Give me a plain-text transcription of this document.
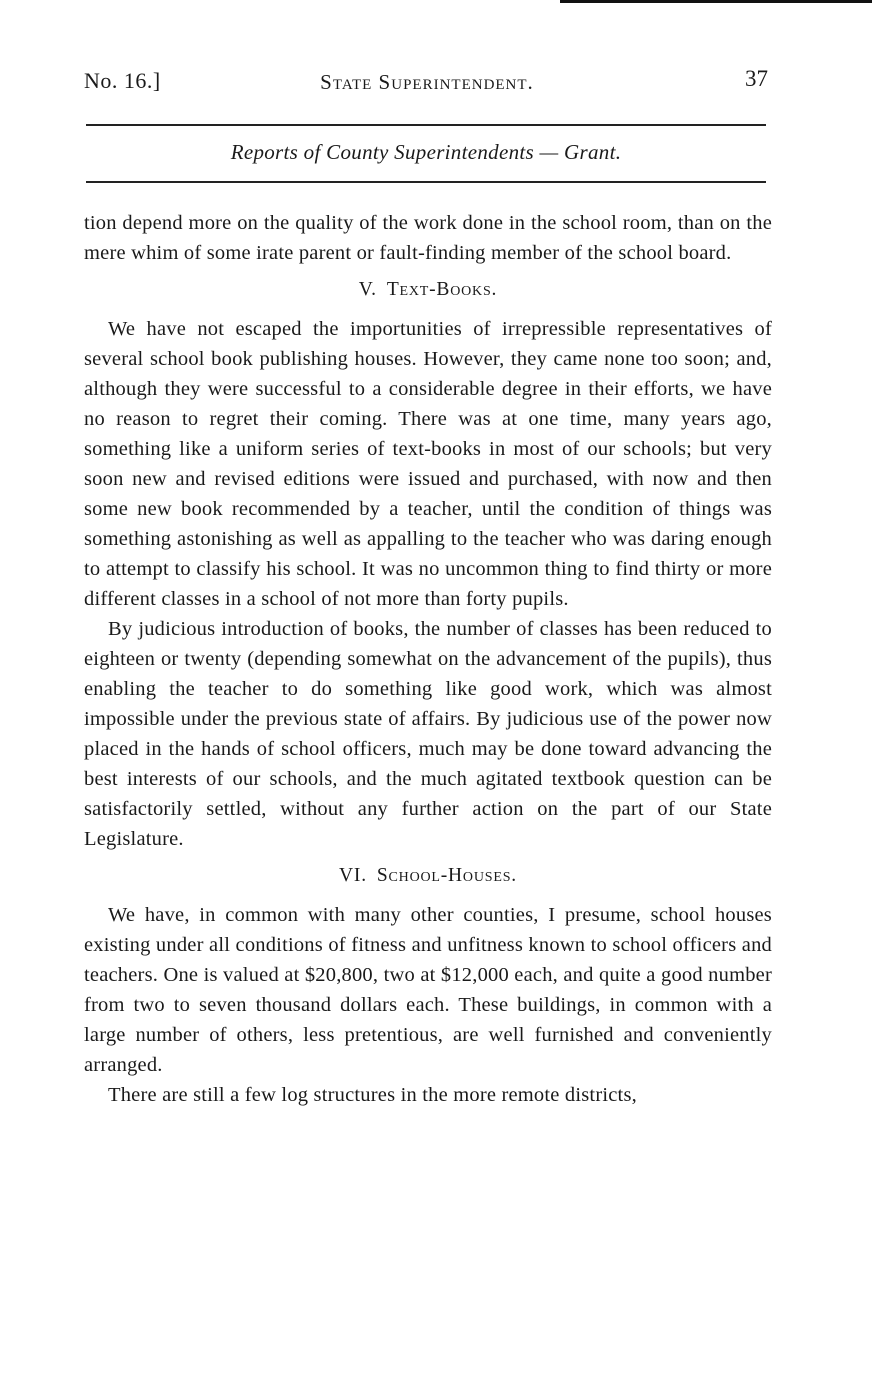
No. 16.]	State Superintendent.	37
Reports of County Superintendents — Grant.

tion depend more on the quality of the work done in the school room, than on the mere whim of some irate parent or fault-finding member of the school board.

V. Text-Books.

We have not escaped the importunities of irrepressible representatives of several school book publishing houses. However, they came none too soon; and, although they were successful to a considerable degree in their efforts, we have no reason to regret their coming. There was at one time, many years ago, something like a uniform series of text-books in most of our schools; but very soon new and revised editions were issued and purchased, with now and then some new book recommended by a teacher, until the condition of things was something astonishing as well as appalling to the teacher who was daring enough to attempt to classify his school. It was no uncommon thing to find thirty or more different classes in a school of not more than forty pupils.

By judicious introduction of books, the number of classes has been reduced to eighteen or twenty (depending somewhat on the advancement of the pupils), thus enabling the teacher to do something like good work, which was almost impossible under the previous state of affairs. By judicious use of the power now placed in the hands of school officers, much may be done toward advancing the best interests of our schools, and the much agitated textbook question can be satisfactorily settled, without any further action on the part of our State Legislature.

VI. School-Houses.

We have, in common with many other counties, I presume, school houses existing under all conditions of fitness and unfitness known to school officers and teachers. One is valued at $20,800, two at $12,000 each, and quite a good number from two to seven thousand dollars each. These buildings, in common with a large number of others, less pretentious, are well furnished and conveniently arranged.

There are still a few log structures in the more remote districts,
